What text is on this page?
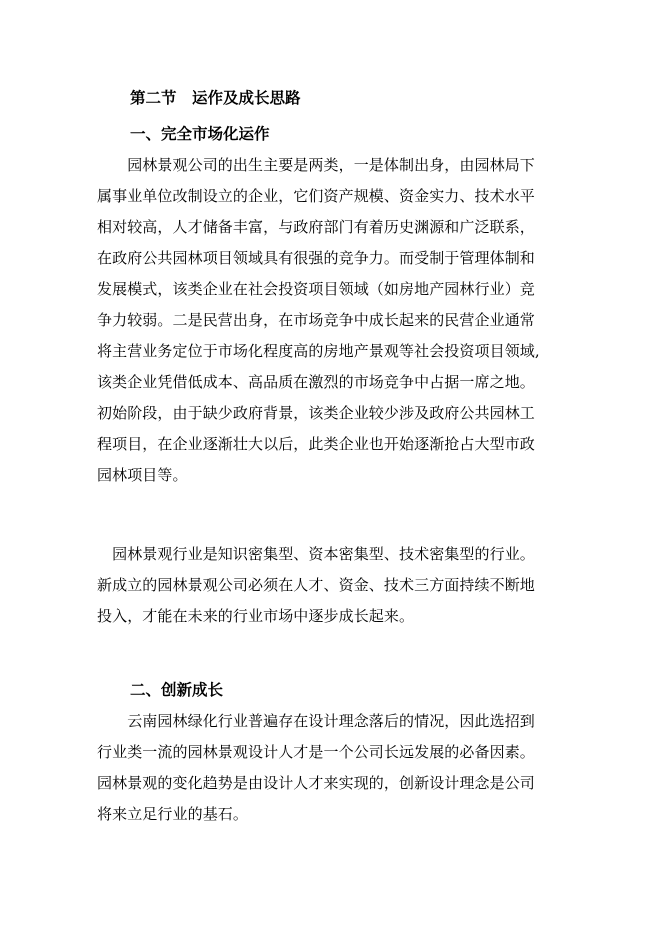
第二节　运作及成长思路
一、完全市场化运作
　　园林景观公司的出生主要是两类，一是体制出身，由园林局下
属事业单位改制设立的企业，它们资产规模、资金实力、技术水平
相对较高，人才储备丰富，与政府部门有着历史渊源和广泛联系，
在政府公共园林项目领域具有很强的竞争力。而受制于管理体制和
发展模式，该类企业在社会投资项目领域（如房地产园林行业）竞
争力较弱。二是民营出身，在市场竞争中成长起来的民营企业通常
将主营业务定位于市场化程度高的房地产景观等社会投资项目领域,
该类企业凭借低成本、高品质在激烈的市场竞争中占据一席之地。
初始阶段，由于缺少政府背景，该类企业较少涉及政府公共园林工
程项目，在企业逐渐壮大以后，此类企业也开始逐渐抢占大型市政
园林项目等。
　园林景观行业是知识密集型、资本密集型、技术密集型的行业。
新成立的园林景观公司必须在人才、资金、技术三方面持续不断地
投入，才能在未来的行业市场中逐步成长起来。
二、创新成长
　　云南园林绿化行业普遍存在设计理念落后的情况，因此选招到
行业类一流的园林景观设计人才是一个公司长远发展的必备因素。
园林景观的变化趋势是由设计人才来实现的，创新设计理念是公司
将来立足行业的基石。
